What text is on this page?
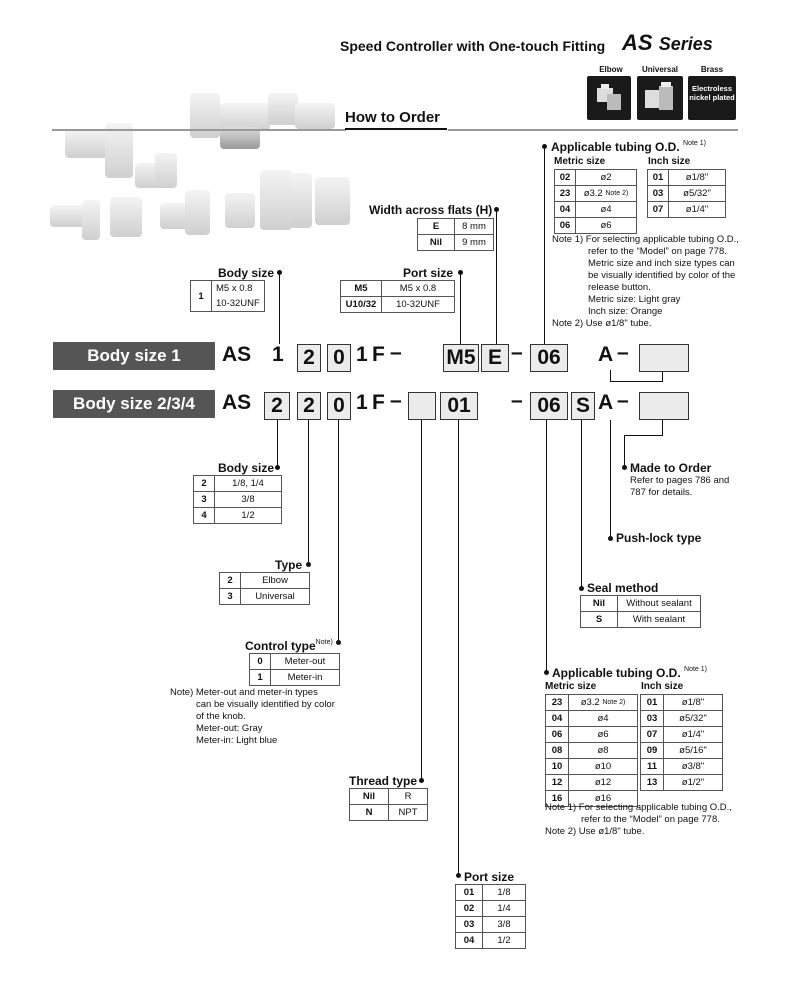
Speed Controller with One-touch Fitting AS Series
Elbow	Universal	Brass
Electroless nickel plated
How to Order
Body size
1	M5 x 0.8
10-32UNF
Port size
M5	M5 x 0.8
U10/32	10-32UNF
Width across flats (H)
E	8 mm
Nil	9 mm
Applicable tubing O.D. $^{Note 1)}$
Metric size	Inch size
02	ø2
23	ø3.2 $^{Note 2)}$
04	ø4
06	ø6
01	ø1/8"
03	ø5/32"
07	ø1/4"
Note 1) For selecting applicable tubing O.D.,
refer to the “Model” on page 778.
Metric size and inch size types can
be visually identified by color of the
release button.
Metric size: Light gray
Inch size: Orange
Note 2) Use ø1/8" tube.
Body size 1
Body size 2/3/4
AS 1 2 0 1 F – M5 E – 06	A –
AS 2 2 0 1 F –	01	– 06 S A –
Body size
2	1/8, 1/4
3	3/8
4	1/2
Type
2	Elbow
3	Universal
Control type$^{Note)}$
0	Meter-out
1	Meter-in
Note) Meter-out and meter-in types
can be visually identified by color
of the knob.
Meter-out: Gray
Meter-in: Light blue
Thread type
Nil	R
N	NPT
Port size
01	1/8
02	1/4
03	3/8
04	1/2
Made to Order
Refer to pages 786 and
787 for details.
Push-lock type
Seal method
Nil	Without sealant
S	With sealant
Applicable tubing O.D. $^{Note 1)}$
Metric size	Inch size
23	ø3.2 $^{Note 2)}$
04	ø4
06	ø6
08	ø8
10	ø10
12	ø12
16	ø16
01	ø1/8"
03	ø5/32"
07	ø1/4"
09	ø5/16"
11	ø3/8"
13	ø1/2"
Note 1) For selecting applicable tubing O.D.,
refer to the “Model” on page 778.
Note 2) Use ø1/8" tube.
